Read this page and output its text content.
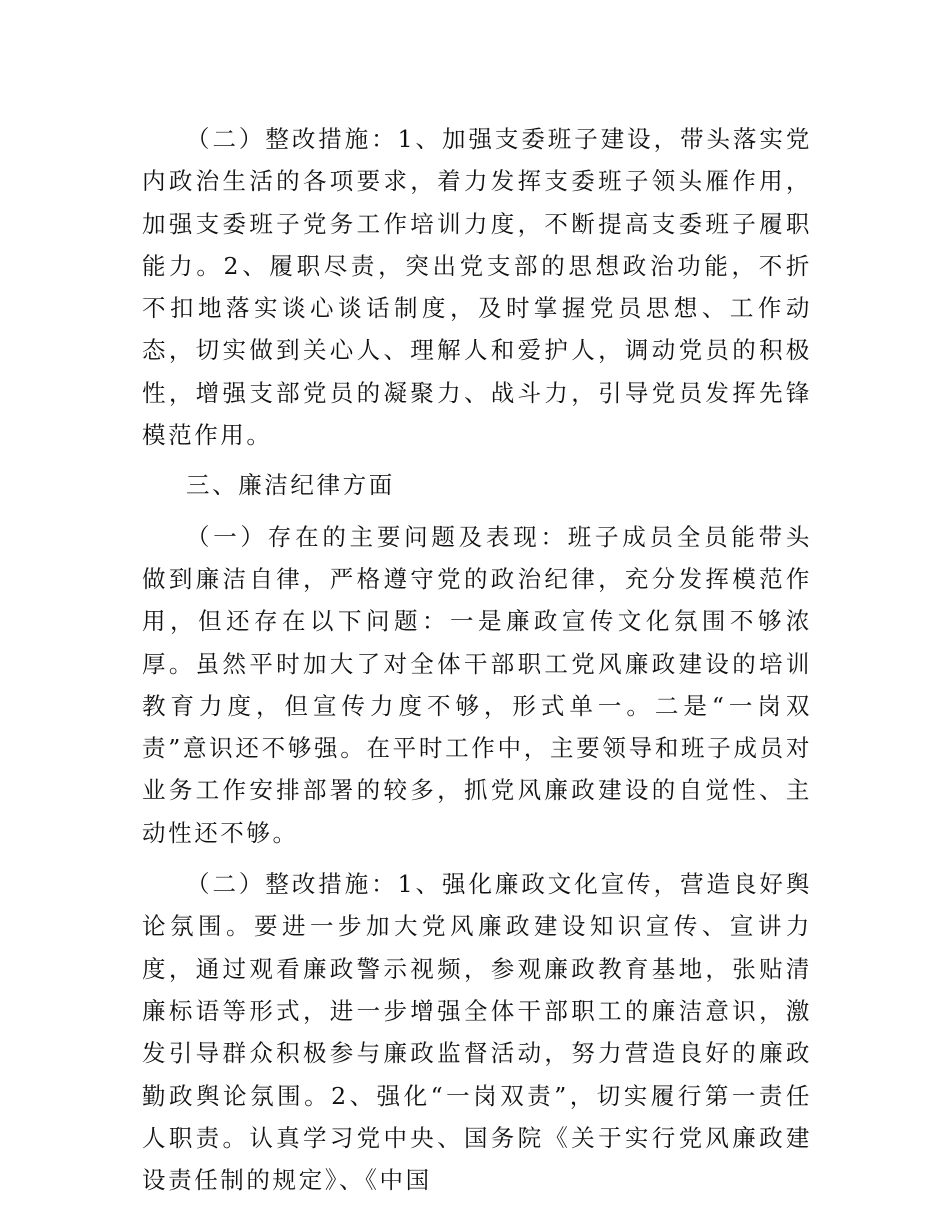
（二）整改措施：1、加强支委班子建设，带头落实党内政治生活的各项要求，着力发挥支委班子领头雁作用，加强支委班子党务工作培训力度，不断提高支委班子履职能力。2、履职尽责，突出党支部的思想政治功能，不折不扣地落实谈心谈话制度，及时掌握党员思想、工作动态，切实做到关心人、理解人和爱护人，调动党员的积极性，增强支部党员的凝聚力、战斗力，引导党员发挥先锋模范作用。

三、廉洁纪律方面

（一）存在的主要问题及表现：班子成员全员能带头做到廉洁自律，严格遵守党的政治纪律，充分发挥模范作用，但还存在以下问题：一是廉政宣传文化氛围不够浓厚。虽然平时加大了对全体干部职工党风廉政建设的培训教育力度，但宣传力度不够，形式单一。二是“一岗双责”意识还不够强。在平时工作中，主要领导和班子成员对业务工作安排部署的较多，抓党风廉政建设的自觉性、主动性还不够。

（二）整改措施：1、强化廉政文化宣传，营造良好舆论氛围。要进一步加大党风廉政建设知识宣传、宣讲力度，通过观看廉政警示视频，参观廉政教育基地，张贴清廉标语等形式，进一步增强全体干部职工的廉洁意识，激发引导群众积极参与廉政监督活动，努力营造良好的廉政勤政舆论氛围。2、强化“一岗双责”，切实履行第一责任人职责。认真学习党中央、国务院《关于实行党风廉政建设责任制的规定》、《中国
